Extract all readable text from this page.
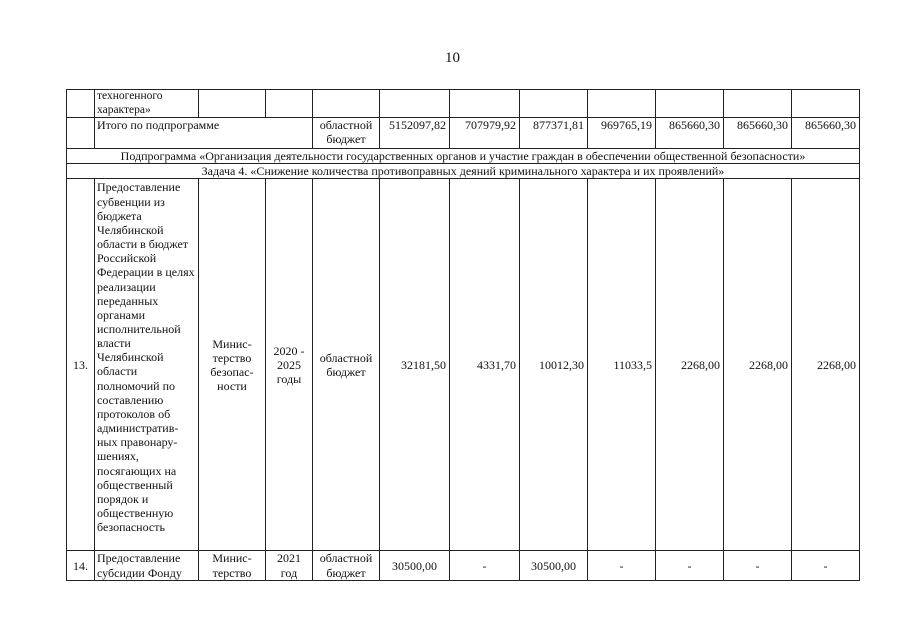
10
	техногенного характера»										
	Итого по подпрограмме			областной бюджет	5152097,82	707979,92	877371,81	969765,19	865660,30	865660,30	865660,30
Подпрограмма «Организация деятельности государственных органов и участие граждан в обеспечении общественной безопасности»											
Задача 4. «Снижение количества противоправных деяний криминального характера и их проявлений»											
13.	Предоставление субвенции из бюджета Челябинской области в бюджет Российской Федерации в целях реализации переданных органами исполнительной власти Челябинской области полномочий по составлению протоколов об административ-ных правонару-шениях, посягающих на общественный порядок и общественную безопасность	Минис-терство безопас-ности	2020 - 2025 годы	областной бюджет	32181,50	4331,70	10012,30	11033,5	2268,00	2268,00	2268,00
14.	Предоставление субсидии Фонду	Минис-терство	2021 год	областной бюджет	30500,00	-	30500,00	-	-	-	-
